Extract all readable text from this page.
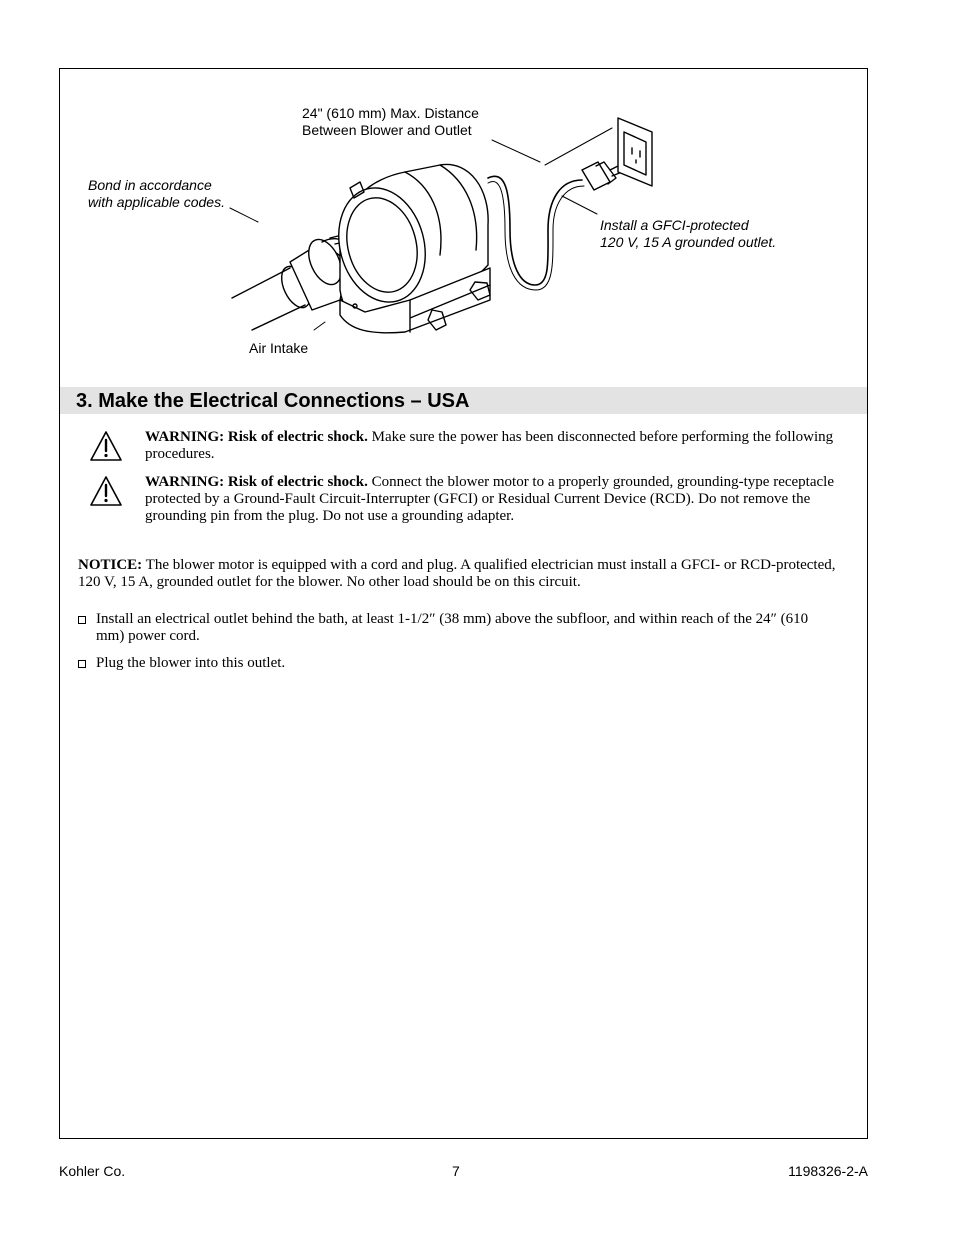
24" (610 mm) Max. Distance
Between Blower and Outlet
Bond in accordance
with applicable codes.
Install a GFCI-protected
120 V, 15 A grounded outlet.
Air Intake
3. Make the Electrical Connections – USA
WARNING: Risk of electric shock. Make sure the power has been disconnected before performing the following procedures.
WARNING: Risk of electric shock. Connect the blower motor to a properly grounded, grounding-type receptacle protected by a Ground-Fault Circuit-Interrupter (GFCI) or Residual Current Device (RCD). Do not remove the grounding pin from the plug. Do not use a grounding adapter.
NOTICE: The blower motor is equipped with a cord and plug. A qualified electrician must install a GFCI- or RCD-protected, 120 V, 15 A, grounded outlet for the blower. No other load should be on this circuit.
Install an electrical outlet behind the bath, at least 1-1/2″ (38 mm) above the subfloor, and within reach of the 24″ (610 mm) power cord.
Plug the blower into this outlet.
Kohler Co.	7	1198326-2-A
